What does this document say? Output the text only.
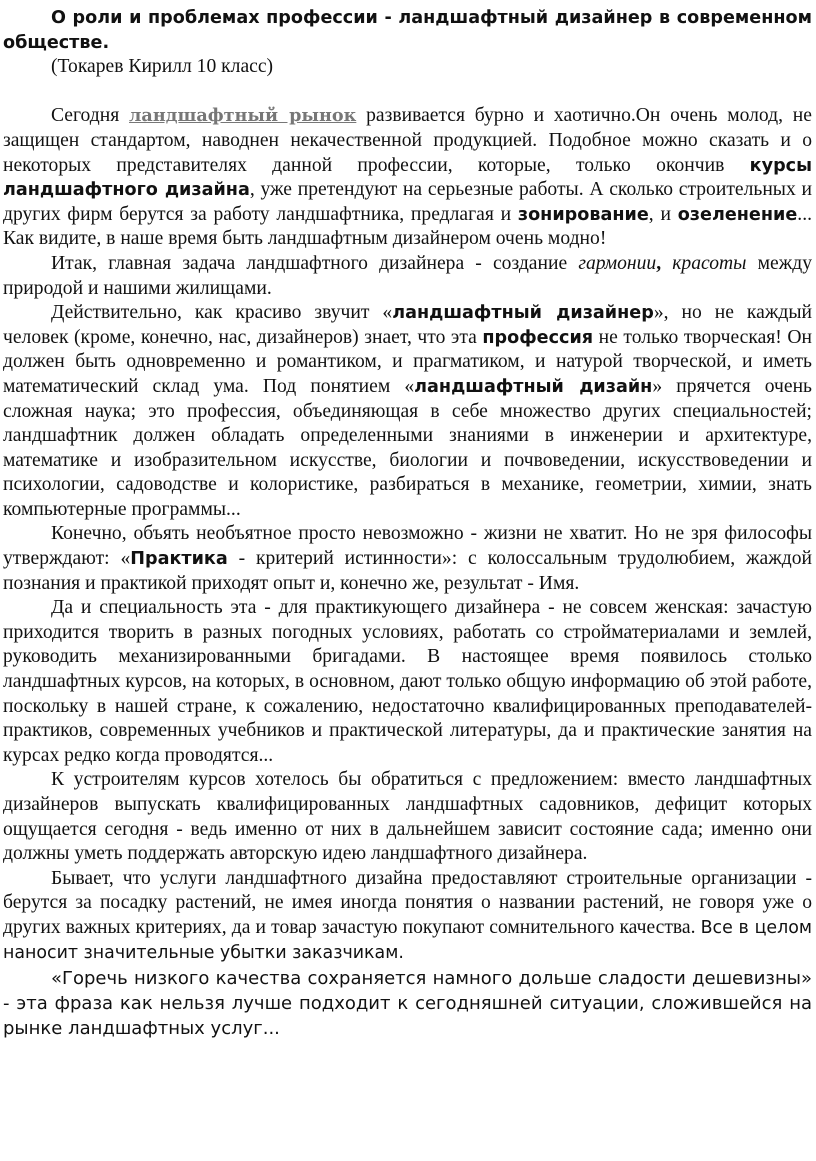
О роли и проблемах профессии - ландшафтный дизайнер в современном обществе.

(Токарев Кирилл 10 класс)

Сегодня ландшафтный рынок развивается бурно и хаотично.Он очень молод, не защищен стандартом, наводнен некачественной продукцией. Подобное можно сказать и о некоторых представителях данной профессии, которые, только окончив курсы ландшафтного дизайна, уже претендуют на серьезные работы. А сколько строительных и других фирм берутся за работу ландшафтника, предлагая и зонирование, и озеленение... Как видите, в наше время быть ландшафтным дизайнером очень модно!

Итак, главная задача ландшафтного дизайнера - создание гармонии, красоты между природой и нашими жилищами.

Действительно, как красиво звучит «ландшафтный дизайнер», но не каждый человек (кроме, конечно, нас, дизайнеров) знает, что эта профессия не только творческая! Он должен быть одновременно и романтиком, и прагматиком, и натурой творческой, и иметь математический склад ума. Под понятием «ландшафтный дизайн» прячется очень сложная наука; это профессия, объединяющая в себе множество других специальностей; ландшафтник должен обладать определенными знаниями в инженерии и архитектуре, математике и изобразительном искусстве, биологии и почвоведении, искусствоведении и психологии, садоводстве и колористике, разбираться в механике, геометрии, химии, знать компьютерные программы...

Конечно, объять необъятное просто невозможно - жизни не хватит. Но не зря философы утверждают: «Практика - критерий истинности»: с колоссальным трудолюбием, жаждой познания и практикой приходят опыт и, конечно же, результат - Имя.

Да и специальность эта - для практикующего дизайнера - не совсем женская: зачастую приходится творить в разных погодных условиях, работать со стройматериалами и землей, руководить механизированными бригадами. В настоящее время появилось столько ландшафтных курсов, на которых, в основном, дают только общую информацию об этой работе, поскольку в нашей стране, к сожалению, недостаточно квалифицированных преподавателей-практиков, современных учебников и практической литературы, да и практические занятия на курсах редко когда проводятся...

К устроителям курсов хотелось бы обратиться с предложением: вместо ландшафтных дизайнеров выпускать квалифицированных ландшафтных садовников, дефицит которых ощущается сегодня - ведь именно от них в дальнейшем зависит состояние сада; именно они должны уметь поддержать авторскую идею ландшафтного дизайнера.

Бывает, что услуги ландшафтного дизайна предоставляют строительные организации - берутся за посадку растений, не имея иногда понятия о названии растений, не говоря уже о других важных критериях, да и товар зачастую покупают сомнительного качества. Все в целом наносит значительные убытки заказчикам.

«Горечь низкого качества сохраняется намного дольше сладости дешевизны» - эта фраза как нельзя лучше подходит к сегодняшней ситуации, сложившейся на рынке ландшафтных услуг...
